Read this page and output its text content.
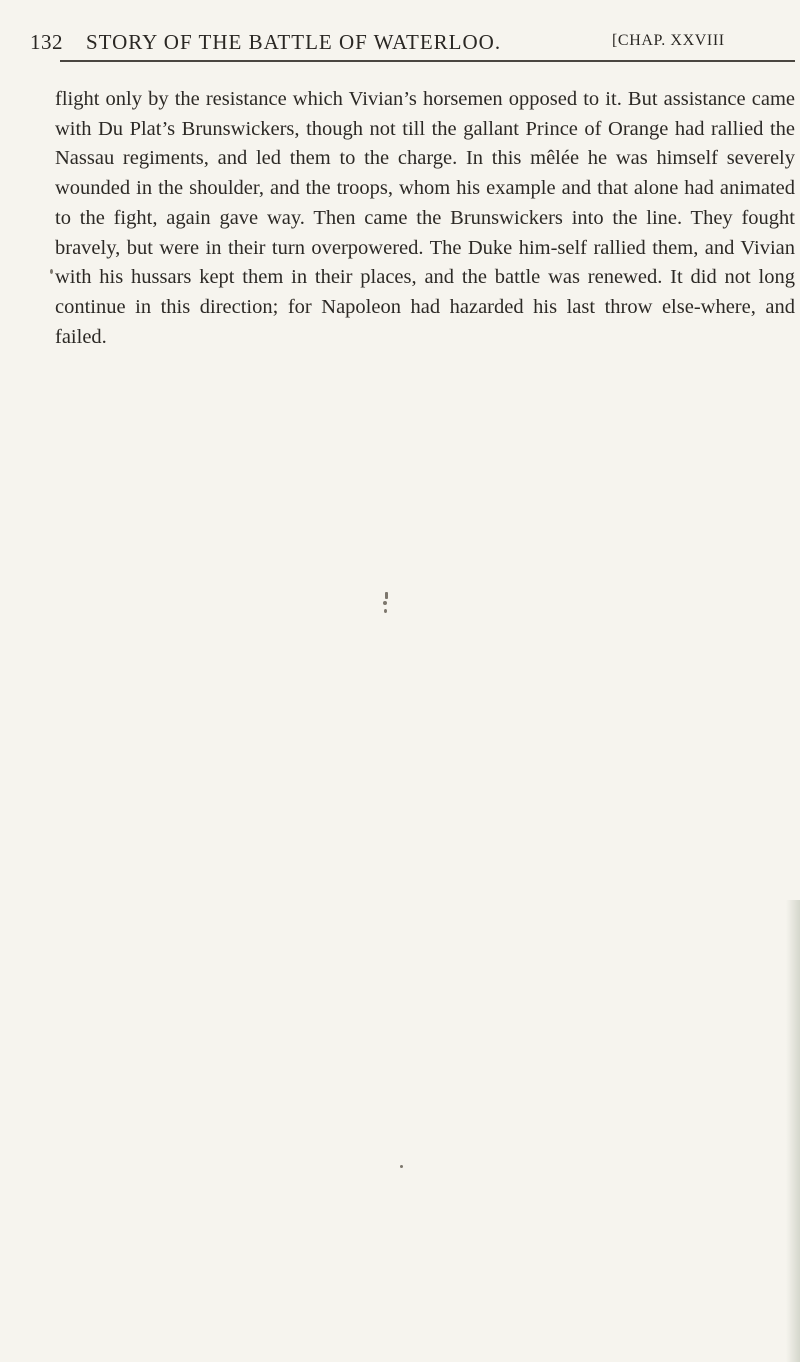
132 STORY OF THE BATTLE OF WATERLOO.	[CHAP. XXVIII

flight only by the resistance which Vivian’s horsemen opposed to it. But assistance came with Du Plat’s Brunswickers, though not till the gallant Prince of Orange had rallied the Nassau regiments, and led them to the charge. In this mêlée he was himself severely wounded in the shoulder, and the troops, whom his example and that alone had animated to the fight, again gave way. Then came the Brunswickers into the line. They fought bravely, but were in their turn overpowered. The Duke him-self rallied them, and Vivian with his hussars kept them in their places, and the battle was renewed. It did not long continue in this direction; for Napoleon had hazarded his last throw else-where, and failed.
